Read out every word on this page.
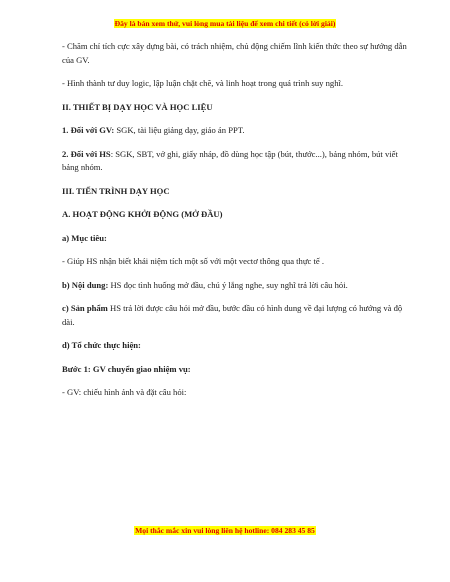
Đây là bản xem thử, vui lòng mua tài liệu để xem chi tiết (có lời giải)

- Chăm chỉ tích cực xây dựng bài, có trách nhiệm, chủ động chiếm lĩnh kiến thức theo sự hướng dẫn của GV.

- Hình thành tư duy logic, lập luận chặt chẽ, và linh hoạt trong quá trình suy nghĩ.

II. THIẾT BỊ DẠY HỌC VÀ HỌC LIỆU

1. Đối với GV: SGK, tài liệu giảng dạy, giáo án PPT.

2. Đối với HS: SGK, SBT, vở ghi, giấy nháp, đồ dùng học tập (bút, thước...), bảng nhóm, bút viết bảng nhóm.

III. TIẾN TRÌNH DẠY HỌC

A. HOẠT ĐỘNG KHỞI ĐỘNG (MỞ ĐẦU)

a) Mục tiêu:

- Giúp HS nhận biết khái niệm tích một số với một vectơ thông qua thực tế .

b) Nội dung: HS đọc tình huống mở đầu, chú ý lắng nghe, suy nghĩ trả lời câu hỏi.

c) Sản phẩm HS trả lời được câu hỏi mở đầu, bước đầu có hình dung về đại lượng có hướng và độ dài.

d) Tổ chức thực hiện:

Bước 1: GV chuyển giao nhiệm vụ:

- GV: chiếu hình ảnh và đặt câu hỏi:

Mọi thắc mắc xin vui lòng liên hệ hotline: 084 283 45 85
